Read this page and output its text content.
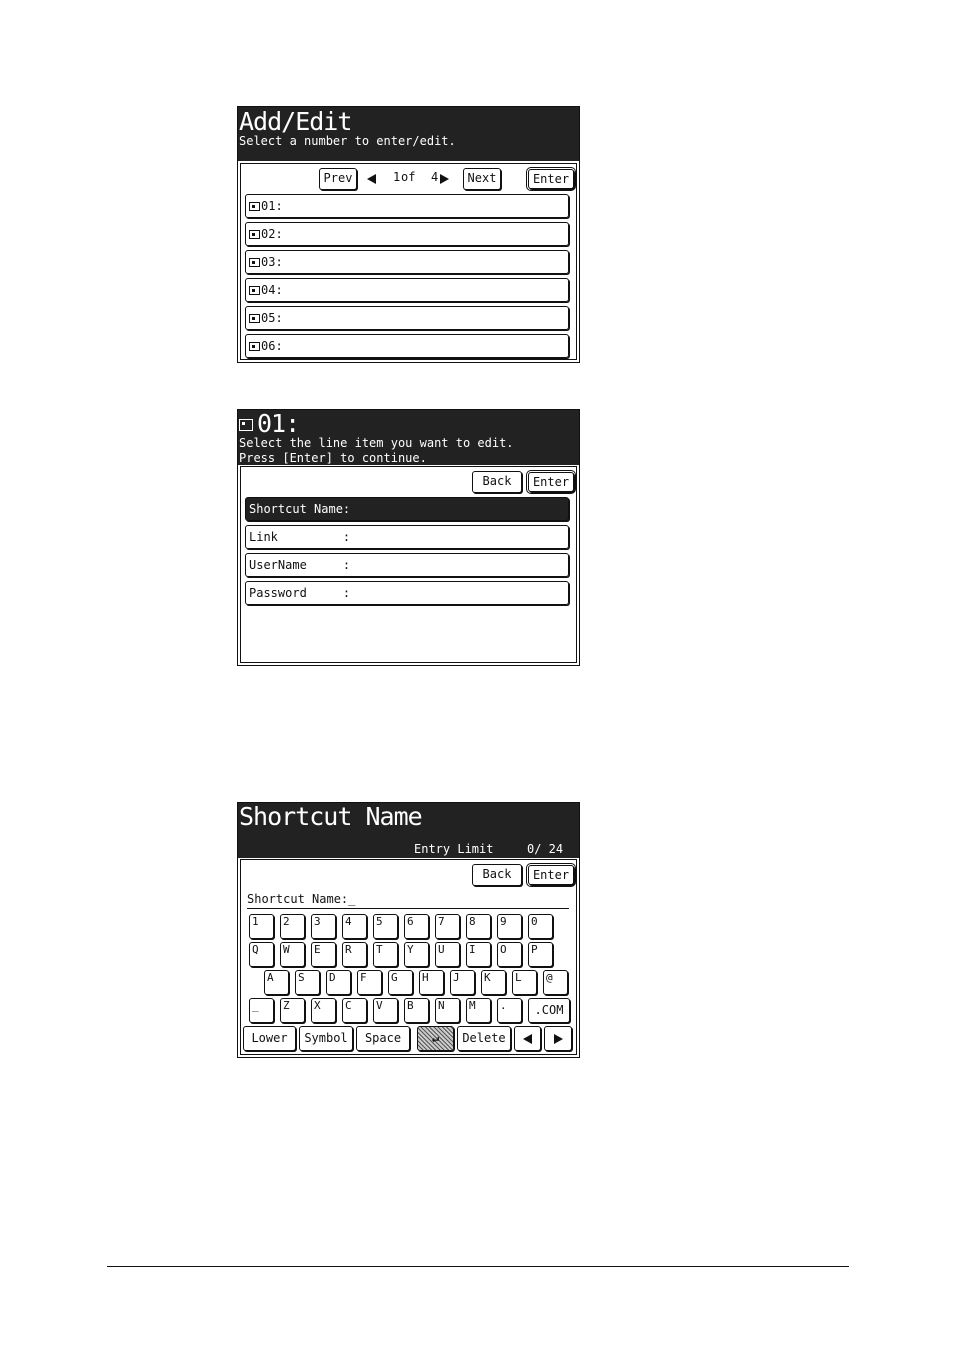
Add/Edit
Select a number to enter/edit.
Prev	1 of 4	Next	Enter
01:
02:
03:
04:
05:
06:
01:
Select the line item you want to edit.
Press [Enter] to continue.
Back	Enter
Shortcut Name:
Link         :
UserName     :
Password     :
Shortcut Name
Entry Limit	0/ 24
Back	Enter
Shortcut Name:_
1	2	3	4	5	6	7	8	9	0
Q	W	E	R	T	Y	U	I	O	P
A	S	D	F	G	H	J	K	L	@
_	Z	X	C	V	B	N	M	.	.COM
Lower	Symbol	Space	↵	Delete
